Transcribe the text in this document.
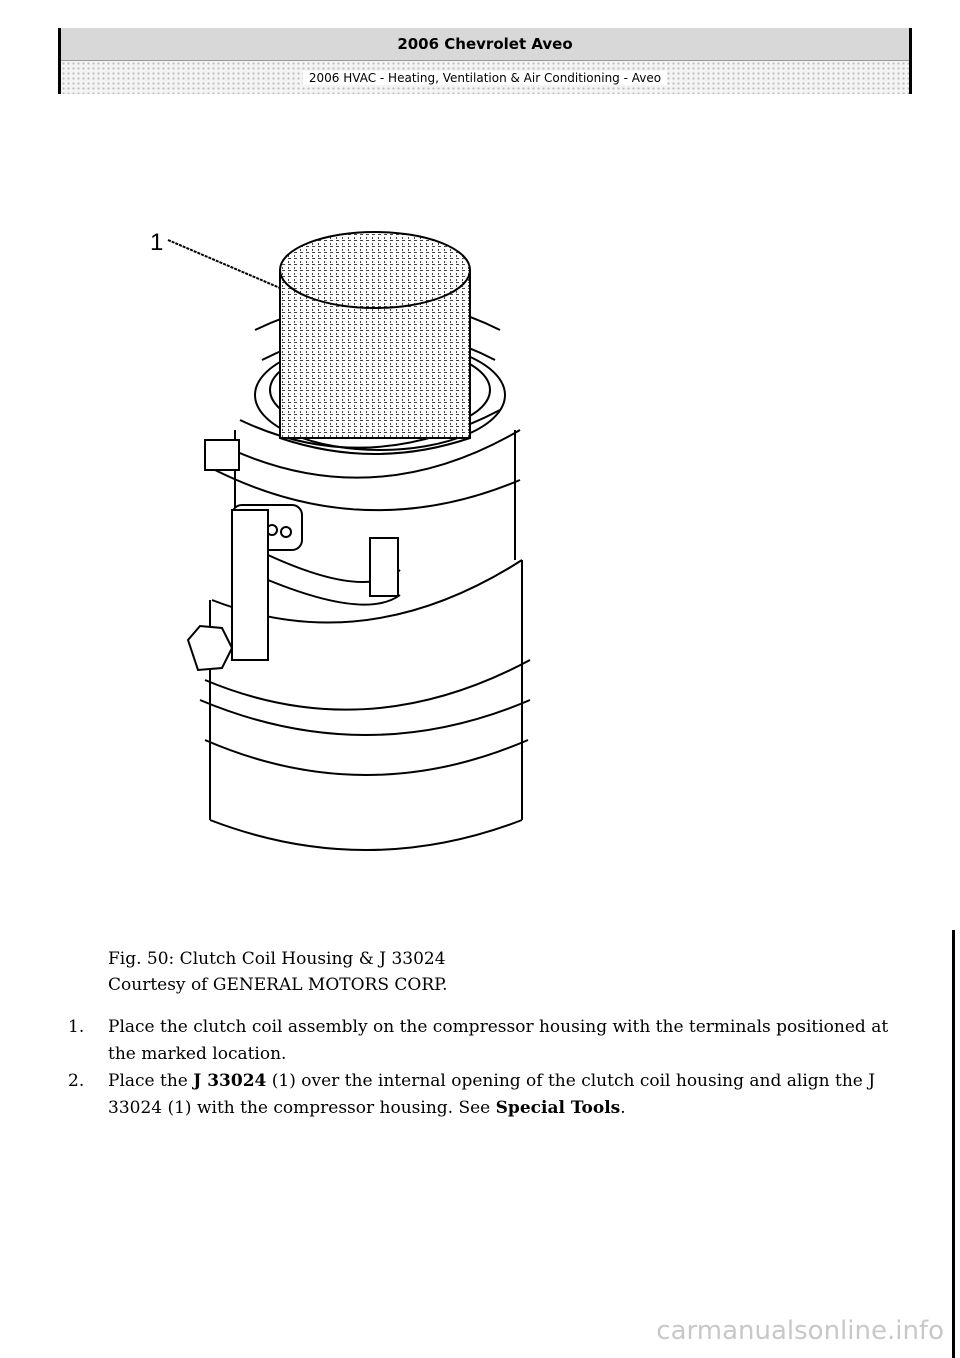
2006 Chevrolet Aveo
2006 HVAC - Heating, Ventilation & Air Conditioning - Aveo
1
Fig. 50: Clutch Coil Housing & J 33024
Courtesy of GENERAL MOTORS CORP.
1. Place the clutch coil assembly on the compressor housing with the terminals positioned at the marked location.
2. Place the J 33024 (1) over the internal opening of the clutch coil housing and align the J 33024 (1) with the compressor housing. See Special Tools.
carmanualsonline.info
